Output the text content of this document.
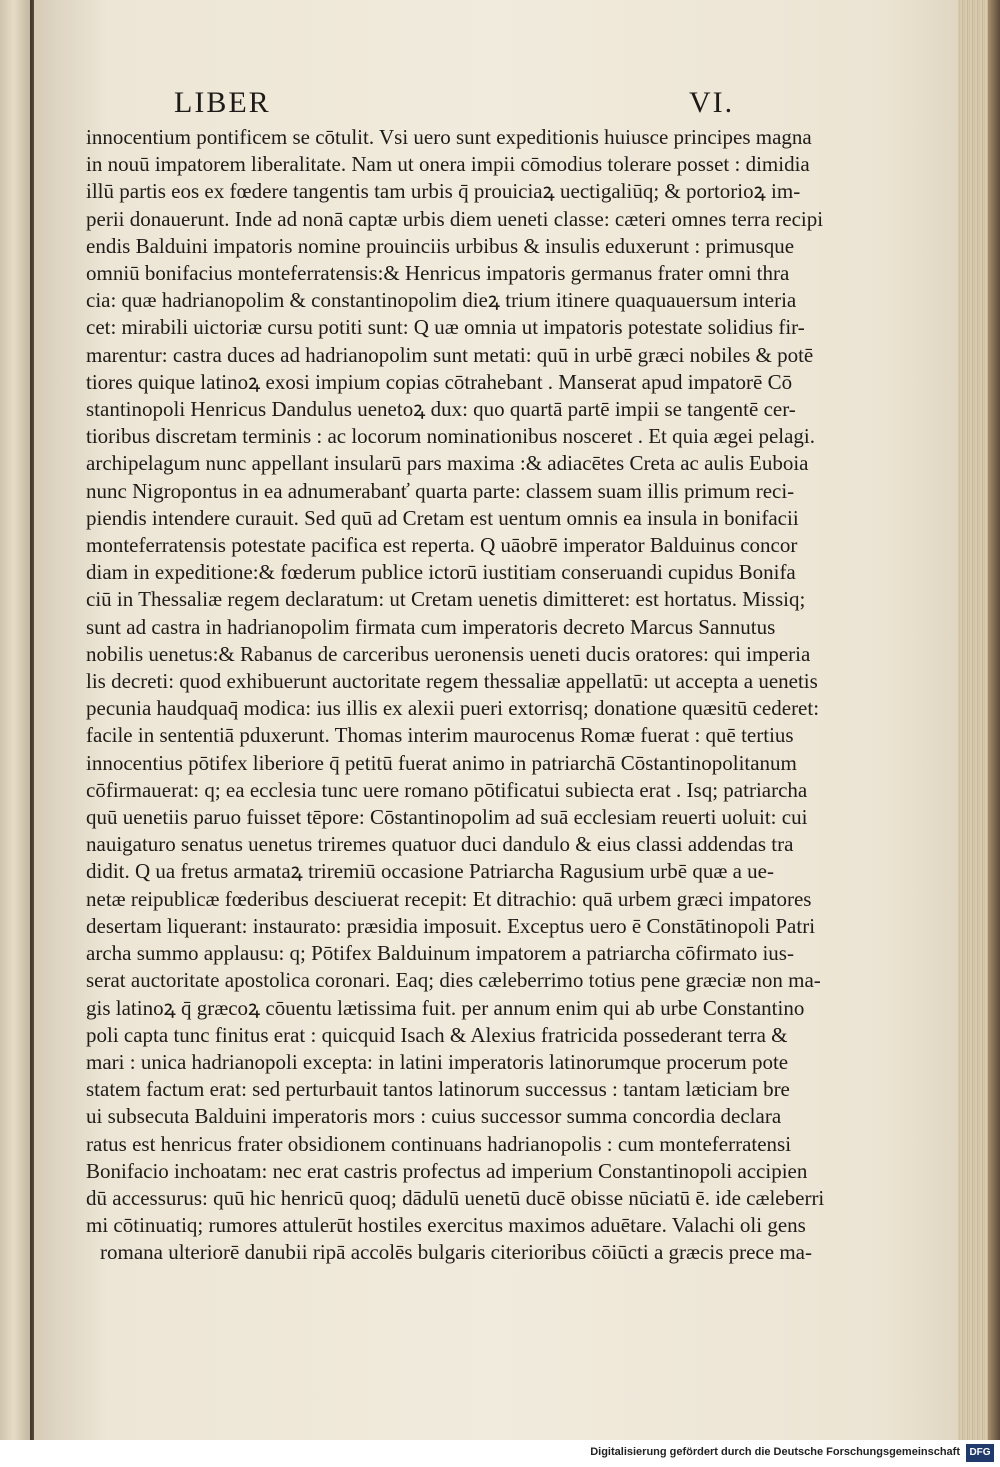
LIBER	VI.
innocentium pontificem se cōtulit. Vsi uero sunt expeditionis huiusce principes magna
in nouū impatorem liberalitate. Nam ut onera impii cōmodius tolerare posset : dimidia
illū partis eos ex fœdere tangentis tam urbis q̄ prouiciaꝝ uectigaliūq; & portorioꝝ im-
perii donauerunt. Inde ad nonā captæ urbis diem ueneti classe: cæteri omnes terra recipi
endis Balduini impatoris nomine prouinciis urbibus & insulis eduxerunt : primusque
omniū bonifacius monteferratensis:& Henricus impatoris germanus frater omni thra
cia: quæ hadrianopolim & constantinopolim dieꝝ trium itinere quaquauersum interia
cet: mirabili uictoriæ cursu potiti sunt: Q uæ omnia ut impatoris potestate solidius fir-
marentur: castra duces ad hadrianopolim sunt metati: quū in urbē græci nobiles & potē
tiores quique latinoꝝ exosi impium copias cōtrahebant . Manserat apud impatorē Cō
stantinopoli Henricus Dandulus uenetoꝝ dux: quo quartā partē impii se tangentē cer-
tioribus discretam terminis : ac locorum nominationibus nosceret . Et quia ægei pelagi.
archipelagum nunc appellant insularū pars maxima :& adiacētes Creta ac aulis Euboia
nunc Nigropontus in ea adnumerabanť quarta parte: classem suam illis primum reci-
piendis intendere curauit. Sed quū ad Cretam est uentum omnis ea insula in bonifacii
monteferratensis potestate pacifica est reperta. Q uāobrē imperator Balduinus concor
diam in expeditione:& fœderum publice ictorū iustitiam conseruandi cupidus Bonifa
ciū in Thessaliæ regem declaratum: ut Cretam uenetis dimitteret: est hortatus. Missiq;
sunt ad castra in hadrianopolim firmata cum imperatoris decreto Marcus Sannutus
nobilis uenetus:& Rabanus de carceribus ueronensis ueneti ducis oratores: qui imperia
lis decreti: quod exhibuerunt auctoritate regem thessaliæ appellatū: ut accepta a uenetis
pecunia haudquaq̄ modica: ius illis ex alexii pueri extorrisq; donatione quæsitū cederet:
facile in sententiā pduxerunt. Thomas interim maurocenus Romæ fuerat : quē tertius
innocentius pōtifex liberiore q̄ petitū fuerat animo in patriarchā Cōstantinopolitanum
cōfirmauerat: q; ea ecclesia tunc uere romano pōtificatui subiecta erat . Isq; patriarcha
quū uenetiis paruo fuisset tēpore: Cōstantinopolim ad suā ecclesiam reuerti uoluit: cui
nauigaturo senatus uenetus triremes quatuor duci dandulo & eius classi addendas tra
didit. Q ua fretus armataꝝ triremiū occasione Patriarcha Ragusium urbē quæ a ue-
netæ reipublicæ fœderibus desciuerat recepit: Et ditrachio: quā urbem græci impatores
desertam liquerant: instaurato: præsidia imposuit. Exceptus uero ē Constātinopoli Patri
archa summo applausu: q; Pōtifex Balduinum impatorem a patriarcha cōfirmato ius-
serat auctoritate apostolica coronari. Eaq; dies cæleberrimo totius pene græciæ non ma-
gis latinoꝝ q̄ græcoꝝ cōuentu lætissima fuit. per annum enim qui ab urbe Constantino
poli capta tunc finitus erat : quicquid Isach & Alexius fratricida possederant terra &
mari : unica hadrianopoli excepta: in latini imperatoris latinorumque procerum pote
statem factum erat: sed perturbauit tantos latinorum successus : tantam læticiam bre
ui subsecuta Balduini imperatoris mors : cuius successor summa concordia declara
ratus est henricus frater obsidionem continuans hadrianopolis : cum monteferratensi
Bonifacio inchoatam: nec erat castris profectus ad imperium Constantinopoli accipien
dū accessurus: quū hic henricū quoq; dādulū uenetū ducē obisse nūciatū ē. ide cæleberri
mi cōtinuatiq; rumores attulerūt hostiles exercitus maximos aduētare. Valachi oli gens
romana ulteriorē danubii ripā accolēs bulgaris citerioribus cōiūcti a græcis prece ma-
Digitalisierung gefördert durch die Deutsche Forschungsgemeinschaft DFG
